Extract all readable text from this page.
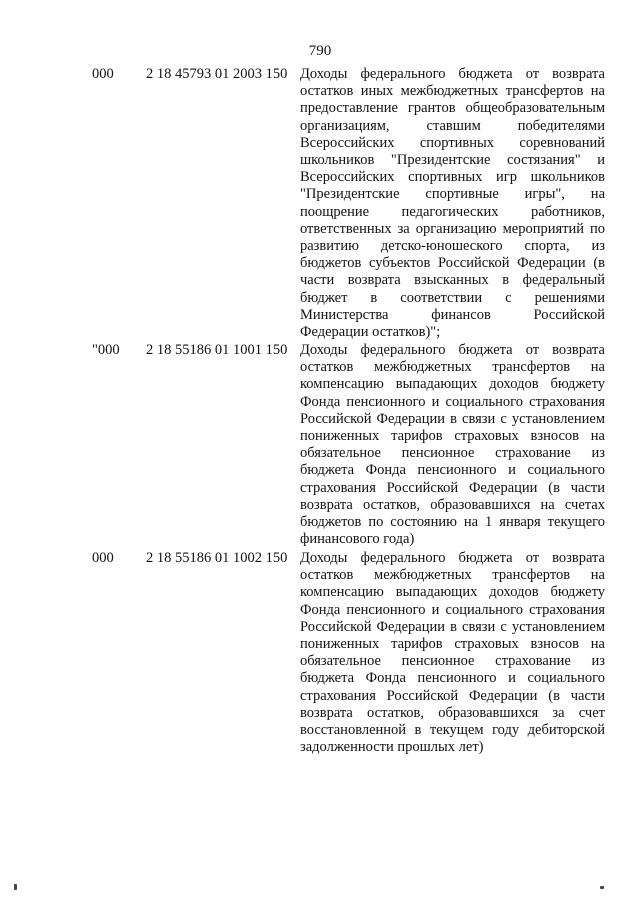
790
000 2 18 45793 01 2003 150 Доходы федерального бюджета от возврата
остатков иных межбюджетных трансфертов на
предоставление грантов общеобразовательным
организациям, ставшим победителями
Всероссийских спортивных соревнований
школьников "Президентские состязания" и
Всероссийских спортивных игр школьников
"Президентские спортивные игры", на
поощрение педагогических работников,
ответственных за организацию мероприятий по
развитию детско-юношеского спорта, из
бюджетов субъектов Российской Федерации (в
части возврата взысканных в федеральный
бюджет в соответствии с решениями
Министерства финансов Российской
Федерации остатков)";
"000 2 18 55186 01 1001 150 Доходы федерального бюджета от возврата
остатков межбюджетных трансфертов на
компенсацию выпадающих доходов бюджету
Фонда пенсионного и социального страхования
Российской Федерации в связи с установлением
пониженных тарифов страховых взносов на
обязательное пенсионное страхование из
бюджета Фонда пенсионного и социального
страхования Российской Федерации (в части
возврата остатков, образовавшихся на счетах
бюджетов по состоянию на 1 января текущего
финансового года)
000 2 18 55186 01 1002 150 Доходы федерального бюджета от возврата
остатков межбюджетных трансфертов на
компенсацию выпадающих доходов бюджету
Фонда пенсионного и социального страхования
Российской Федерации в связи с установлением
пониженных тарифов страховых взносов на
обязательное пенсионное страхование из
бюджета Фонда пенсионного и социального
страхования Российской Федерации (в части
возврата остатков, образовавшихся за счет
восстановленной в текущем году дебиторской
задолженности прошлых лет)
